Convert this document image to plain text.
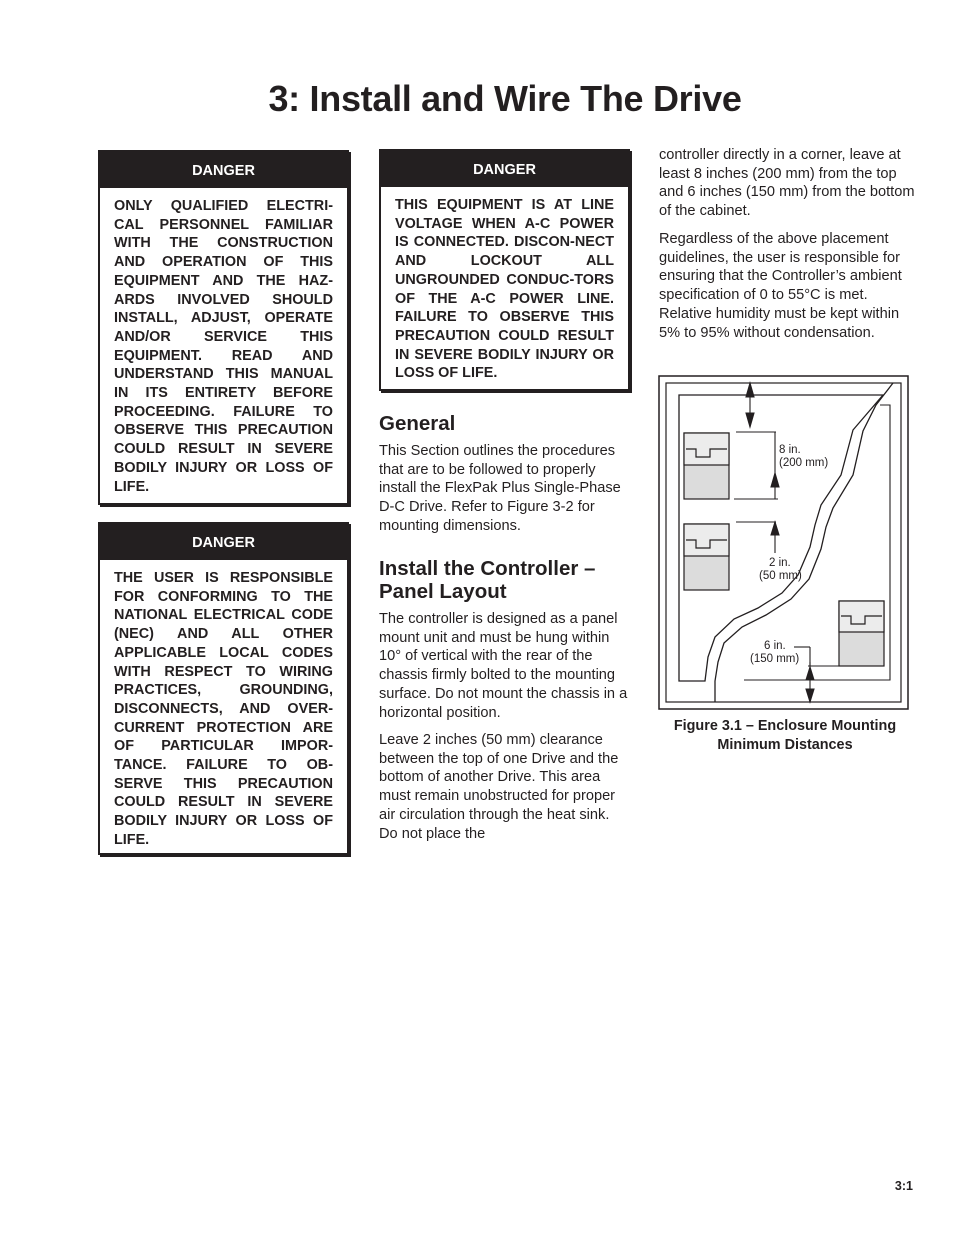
3: Install and Wire The Drive
DANGER
ONLY QUALIFIED ELECTRI-CAL PERSONNEL FAMILIAR WITH THE CONSTRUCTION AND OPERATION OF THIS EQUIPMENT AND THE HAZ-ARDS INVOLVED SHOULD INSTALL, ADJUST, OPERATE AND/OR SERVICE THIS EQUIPMENT. READ AND UNDERSTAND THIS MANUAL IN ITS ENTIRETY BEFORE PROCEEDING. FAILURE TO OBSERVE THIS PRECAUTION COULD RESULT IN SEVERE BODILY INJURY OR LOSS OF LIFE.
DANGER
THE USER IS RESPONSIBLE FOR CONFORMING TO THE NATIONAL ELECTRICAL CODE (NEC) AND ALL OTHER APPLICABLE LOCAL CODES WITH RESPECT TO WIRING PRACTICES, GROUNDING, DISCONNECTS, AND OVER-CURRENT PROTECTION ARE OF PARTICULAR IMPOR-TANCE. FAILURE TO OB-SERVE THIS PRECAUTION COULD RESULT IN SEVERE BODILY INJURY OR LOSS OF LIFE.
DANGER
THIS EQUIPMENT IS AT LINE VOLTAGE WHEN A-C POWER IS CONNECTED. DISCON-NECT AND LOCKOUT ALL UNGROUNDED CONDUC-TORS OF THE A-C POWER LINE. FAILURE TO OBSERVE THIS PRECAUTION COULD RESULT IN SEVERE BODILY INJURY OR LOSS OF LIFE.
General

This Section outlines the procedures that are to be followed to properly install the FlexPak Plus Single-Phase D-C Drive. Refer to Figure 3-2 for mounting dimensions.

Install the Controller – Panel Layout

The controller is designed as a panel mount unit and must be hung within 10° of vertical with the rear of the chassis firmly bolted to the mounting surface. Do not mount the chassis in a horizontal position.

Leave 2 inches (50 mm) clearance between the top of one Drive and the bottom of another Drive. This area must remain unobstructed for proper air circulation through the heat sink. Do not place the

controller directly in a corner, leave at least 8 inches (200 mm) from the top and 6 inches (150 mm) from the bottom of the cabinet.

Regardless of the above placement guidelines, the user is responsible for ensuring that the Controller’s ambient specification of 0 to 55°C is met. Relative humidity must be kept within 5% to 95% without condensation.

8 in.
(200 mm)
2 in.
(50 mm)
6 in.
(150 mm)
Figure 3.1 – Enclosure Mounting
Minimum Distances
3:1
